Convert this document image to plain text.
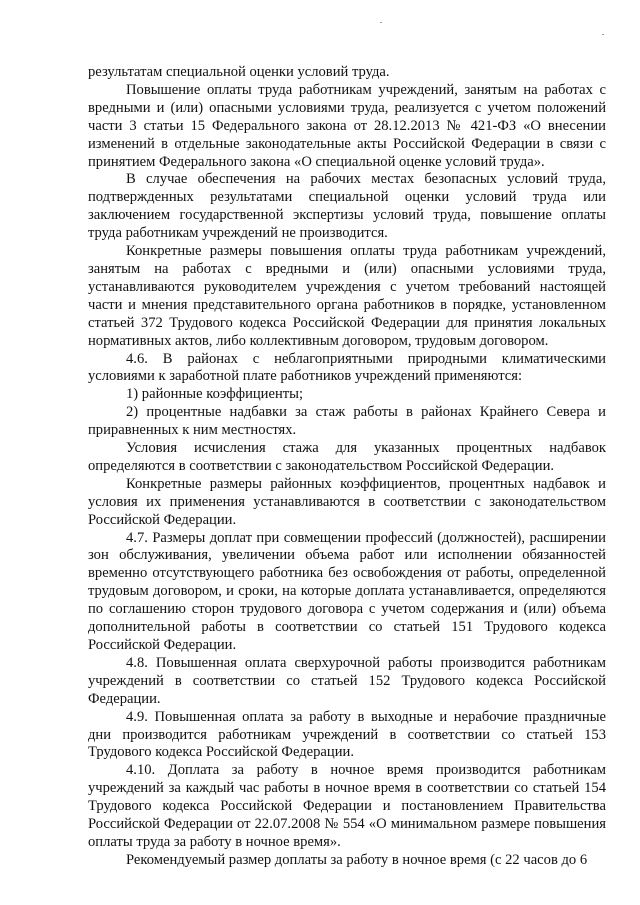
результатам специальной оценки условий труда.

Повышение оплаты труда работникам учреждений, занятым на работах с вредными и (или) опасными условиями труда, реализуется с учетом положений части 3 статьи 15 Федерального закона от 28.12.2013 № 421-ФЗ «О внесении изменений в отдельные законодательные акты Российской Федерации в связи с принятием Федерального закона «О специальной оценке условий труда».

В случае обеспечения на рабочих местах безопасных условий труда, подтвержденных результатами специальной оценки условий труда или заключением государственной экспертизы условий труда, повышение оплаты труда работникам учреждений не производится.

Конкретные размеры повышения оплаты труда работникам учреждений, занятым на работах с вредными и (или) опасными условиями труда, устанавливаются руководителем учреждения с учетом требований настоящей части и мнения представительного органа работников в порядке, установленном статьей 372 Трудового кодекса Российской Федерации для принятия локальных нормативных актов, либо коллективным договором, трудовым договором.

4.6. В районах с неблагоприятными природными климатическими условиями к заработной плате работников учреждений применяются:

1) районные коэффициенты;

2) процентные надбавки за стаж работы в районах Крайнего Севера и приравненных к ним местностях.

Условия исчисления стажа для указанных процентных надбавок определяются в соответствии с законодательством Российской Федерации.

Конкретные размеры районных коэффициентов, процентных надбавок и условия их применения устанавливаются в соответствии с законодательством Российской Федерации.

4.7. Размеры доплат при совмещении профессий (должностей), расширении зон обслуживания, увеличении объема работ или исполнении обязанностей временно отсутствующего работника без освобождения от работы, определенной трудовым договором, и сроки, на которые доплата устанавливается, определяются по соглашению сторон трудового договора с учетом содержания и (или) объема дополнительной работы в соответствии со статьей 151 Трудового кодекса Российской Федерации.

4.8. Повышенная оплата сверхурочной работы производится работникам учреждений в соответствии со статьей 152 Трудового кодекса Российской Федерации.

4.9. Повышенная оплата за работу в выходные и нерабочие праздничные дни производится работникам учреждений в соответствии со статьей 153 Трудового кодекса Российской Федерации.

4.10. Доплата за работу в ночное время производится работникам учреждений за каждый час работы в ночное время в соответствии со статьей 154 Трудового кодекса Российской Федерации и постановлением Правительства Российской Федерации от 22.07.2008 № 554 «О минимальном размере повышения оплаты труда за работу в ночное время».

Рекомендуемый размер доплаты за работу в ночное время (с 22 часов до 6
